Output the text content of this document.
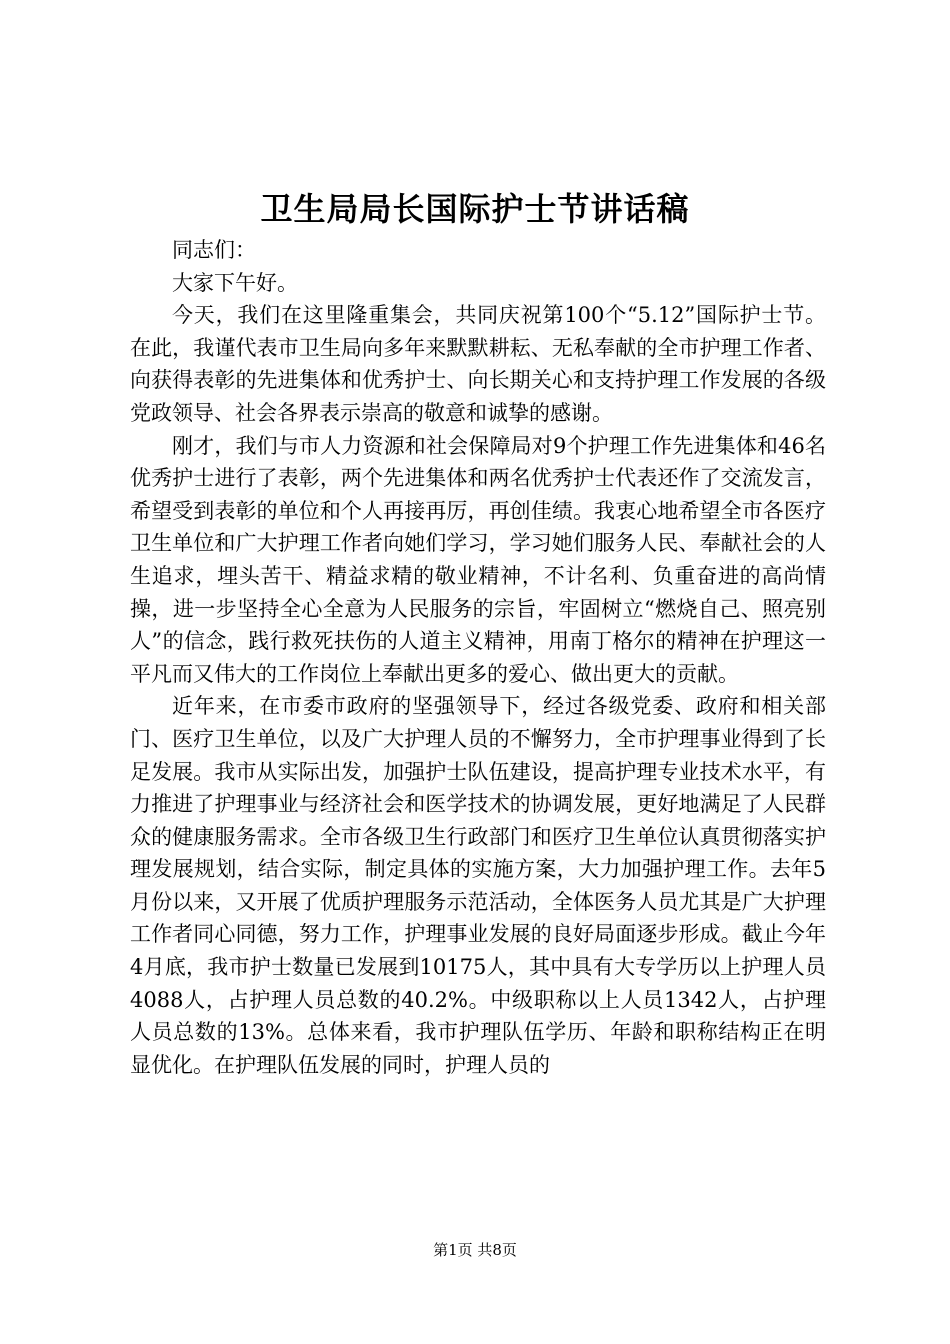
卫生局局长国际护士节讲话稿

同志们：

大家下午好。

今天，我们在这里隆重集会，共同庆祝第100个“5.12”国际护士节。在此，我谨代表市卫生局向多年来默默耕耘、无私奉献的全市护理工作者、向获得表彰的先进集体和优秀护士、向长期关心和支持护理工作发展的各级党政领导、社会各界表示崇高的敬意和诚挚的感谢。

刚才，我们与市人力资源和社会保障局对9个护理工作先进集体和46名优秀护士进行了表彰，两个先进集体和两名优秀护士代表还作了交流发言，希望受到表彰的单位和个人再接再厉，再创佳绩。我衷心地希望全市各医疗卫生单位和广大护理工作者向她们学习，学习她们服务人民、奉献社会的人生追求，埋头苦干、精益求精的敬业精神，不计名利、负重奋进的高尚情操，进一步坚持全心全意为人民服务的宗旨，牢固树立“燃烧自己、照亮别人”的信念，践行救死扶伤的人道主义精神，用南丁格尔的精神在护理这一平凡而又伟大的工作岗位上奉献出更多的爱心、做出更大的贡献。

近年来，在市委市政府的坚强领导下，经过各级党委、政府和相关部门、医疗卫生单位，以及广大护理人员的不懈努力，全市护理事业得到了长足发展。我市从实际出发，加强护士队伍建设，提高护理专业技术水平，有力推进了护理事业与经济社会和医学技术的协调发展，更好地满足了人民群众的健康服务需求。全市各级卫生行政部门和医疗卫生单位认真贯彻落实护理发展规划，结合实际，制定具体的实施方案，大力加强护理工作。去年5月份以来，又开展了优质护理服务示范活动，全体医务人员尤其是广大护理工作者同心同德，努力工作，护理事业发展的良好局面逐步形成。截止今年4月底，我市护士数量已发展到10175人，其中具有大专学历以上护理人员4088人，占护理人员总数的40.2%。中级职称以上人员1342人，占护理人员总数的13%。总体来看，我市护理队伍学历、年龄和职称结构正在明显优化。在护理队伍发展的同时，护理人员的

第1页 共8页
